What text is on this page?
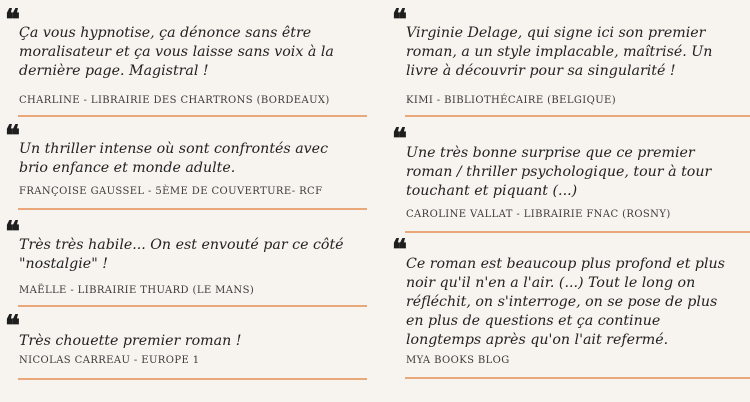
❝

Ça vous hypnotise, ça dénonce sans être moralisateur et ça vous laisse sans voix à la dernière page. Magistral !

CHARLINE - LIBRAIRIE DES CHARTRONS (BORDEAUX)
❝

Un thriller intense où sont confrontés avec brio enfance et monde adulte.

FRANÇOISE GAUSSEL - 5ÈME DE COUVERTURE- RCF
❝

Très très habile... On est envouté par ce côté "nostalgie" !

MAËLLE - LIBRAIRIE THUARD (LE MANS)
❝

Très chouette premier roman !

NICOLAS CARREAU - EUROPE 1
❝

Virginie Delage, qui signe ici son premier roman, a un style implacable, maîtrisé. Un livre à découvrir pour sa singularité !

KIMI - BIBLIOTHÉCAIRE (BELGIQUE)
❝

Une très bonne surprise que ce premier roman / thriller psychologique, tour à tour touchant et piquant (...)

CAROLINE VALLAT - LIBRAIRIE FNAC (ROSNY)
❝

Ce roman est beaucoup plus profond et plus noir qu'il n'en a l'air. (...) Tout le long on réfléchit, on s'interroge, on se pose de plus en plus de questions et ça continue longtemps après qu'on l'ait refermé.

MYA BOOKS BLOG
